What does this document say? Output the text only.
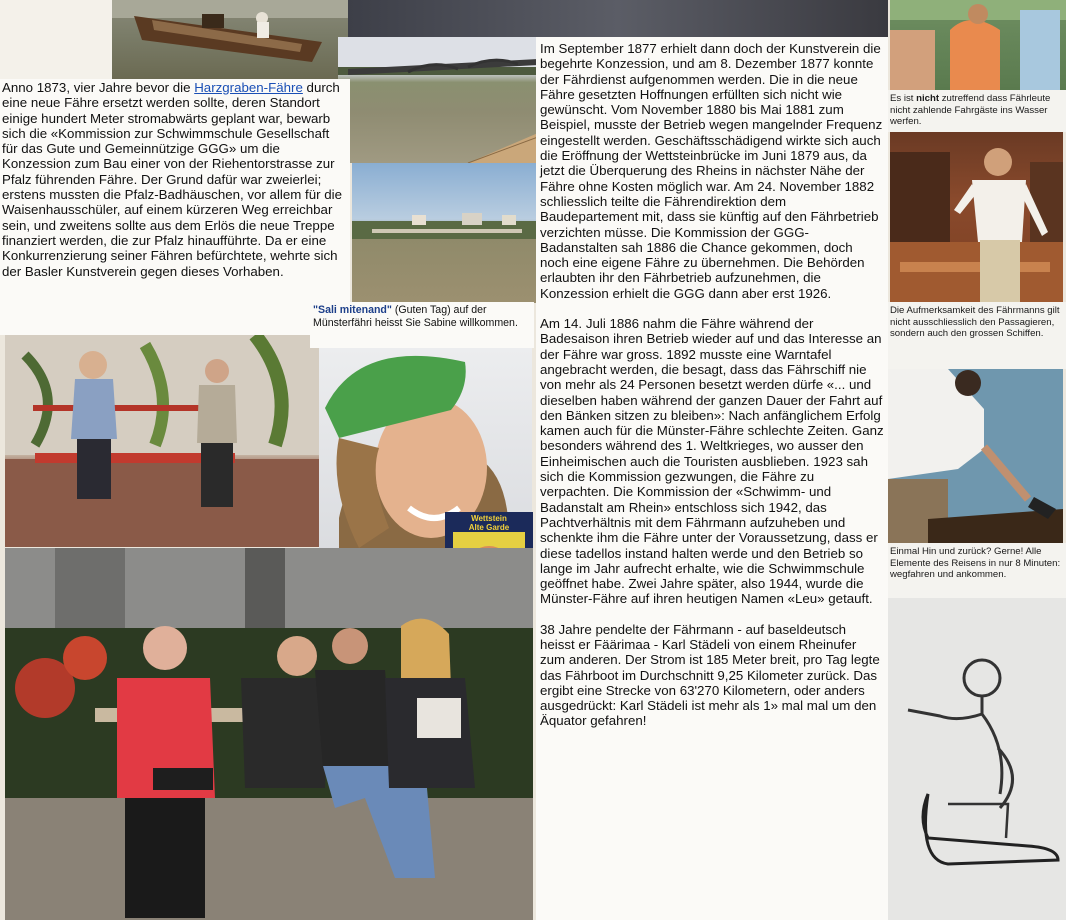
Wettstein
Alte Garde

Anno 1873, vier Jahre bevor die Harzgraben-Fähre durch eine neue Fähre ersetzt werden sollte, deren Standort einige hundert Meter stromabwärts geplant war, bewarb sich die «Kommission zur Schwimmschule Gesellschaft für das Gute und Gemeinnützige GGG» um die Konzession zum Bau einer von der Riehentorstrasse zur Pfalz führenden Fähre. Der Grund dafür war zweierlei; erstens mussten die Pfalz-Badhäuschen, vor allem für die Waisenhausschüler, auf einem kürzeren Weg erreichbar sein, und zweitens sollte aus dem Erlös die neue Treppe finanziert werden, die zur Pfalz hinaufführte. Da er eine Konkurrenzierung seiner Fähren befürchtete, wehrte sich der Basler Kunstverein gegen dieses Vorhaben.

"Sali mitenand" (Guten Tag) auf der Münsterfähri heisst Sie Sabine willkommen.

Im September 1877 erhielt dann doch der Kunstverein die begehrte Konzession, und am 8. Dezember 1877 konnte der Fährdienst aufgenommen werden. Die in die neue Fähre gesetzten Hoffnungen erfüllten sich nicht wie gewünscht. Vom November 1880 bis Mai 1881 zum Beispiel, musste der Betrieb wegen mangelnder Frequenz eingestellt werden. Geschäftsschädigend wirkte sich auch die Eröffnung der Wettsteinbrücke im Juni 1879 aus, da jetzt die Überquerung des Rheins in nächster Nähe der Fähre ohne Kosten möglich war. Am 24. November 1882 schliesslich teilte die Fährendirektion dem Baudepartement mit, dass sie künftig auf den Fährbetrieb verzichten müsse. Die Kommission der GGG-Badanstalten sah 1886 die Chance gekommen, doch noch eine eigene Fähre zu übernehmen. Die Behörden erlaubten ihr den Fährbetrieb aufzunehmen, die Konzession erhielt die GGG dann aber erst 1926.

Am 14. Juli 1886 nahm die Fähre während der Badesaison ihren Betrieb wieder auf und das Interesse an der Fähre war gross. 1892 musste eine Warntafel angebracht werden, die besagt, dass das Fährschiff nie von mehr als 24 Personen besetzt werden dürfe «... und dieselben haben während der ganzen Dauer der Fahrt auf den Bänken sitzen zu bleiben»: Nach anfänglichem Erfolg kamen auch für die Münster-Fähre schlechte Zeiten. Ganz besonders während des 1. Weltkrieges, wo ausser den Einheimischen auch die Touristen ausblieben. 1923 sah sich die Kommission gezwungen, die Fähre zu verpachten. Die Kommission der «Schwimm- und Badanstalt am Rhein» entschloss sich 1942, das Pachtverhältnis mit dem Fährmann aufzuheben und schenkte ihm die Fähre unter der Voraussetzung, dass er diese tadellos instand halten werde und den Betrieb so lange im Jahr aufrecht erhalte, wie die Schwimmschule geöffnet habe. Zwei Jahre später, also 1944, wurde die Münster-Fähre auf ihren heutigen Namen «Leu» getauft.

38 Jahre pendelte der Fährmann - auf baseldeutsch heisst er Fäärimaa - Karl Städeli von einem Rheinufer zum anderen. Der Strom ist 185 Meter breit, pro Tag legte das Fährboot im Durchschnitt 9,25 Kilometer zurück. Das ergibt eine Strecke von 63'270 Kilometern, oder anders ausgedrückt: Karl Städeli ist mehr als 1» mal mal um den Äquator gefahren!

Es ist nicht zutreffend dass Fährleute nicht zahlende Fahrgäste ins Wasser werfen.
Die Aufmerksamkeit des Fährmanns gilt nicht ausschliesslich den Passagieren, sondern auch den grossen Schiffen.
Einmal Hin und zurück? Gerne! Alle Elemente des Reisens in nur 8 Minuten: wegfahren und ankommen.
